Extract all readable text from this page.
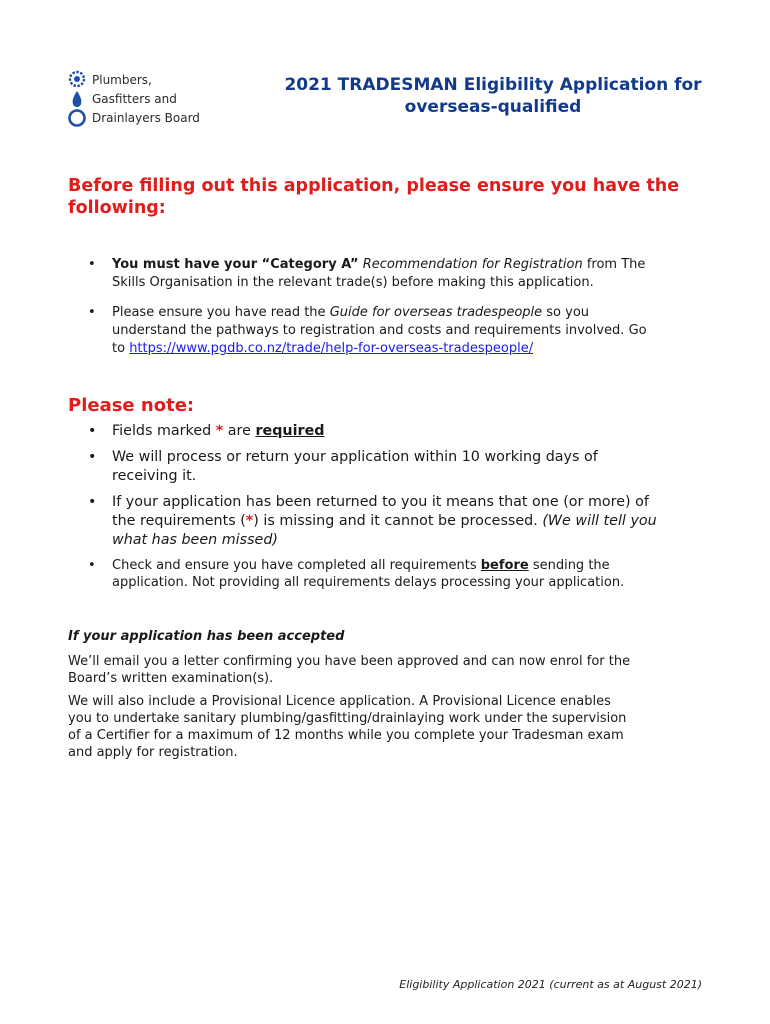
Plumbers,
Gasfitters and
Drainlayers Board
2021 TRADESMAN Eligibility Application for
overseas-qualified
Before filling out this application, please ensure you have the
following:
• You must have your “Category A” Recommendation for Registration from The
Skills Organisation in the relevant trade(s) before making this application.
• Please ensure you have read the Guide for overseas tradespeople so you
understand the pathways to registration and costs and requirements involved. Go
to https://www.pgdb.co.nz/trade/help-for-overseas-tradespeople/
Please note:
• Fields marked * are required
• We will process or return your application within 10 working days of
receiving it.
• If your application has been returned to you it means that one (or more) of
the requirements (*) is missing and it cannot be processed. (We will tell you
what has been missed)
• Check and ensure you have completed all requirements before sending the
application. Not providing all requirements delays processing your application.
If your application has been accepted

We’ll email you a letter confirming you have been approved and can now enrol for the
Board’s written examination(s).

We will also include a Provisional Licence application. A Provisional Licence enables
you to undertake sanitary plumbing/gasfitting/drainlaying work under the supervision
of a Certifier for a maximum of 12 months while you complete your Tradesman exam
and apply for registration.

Eligibility Application 2021 (current as at August 2021)
